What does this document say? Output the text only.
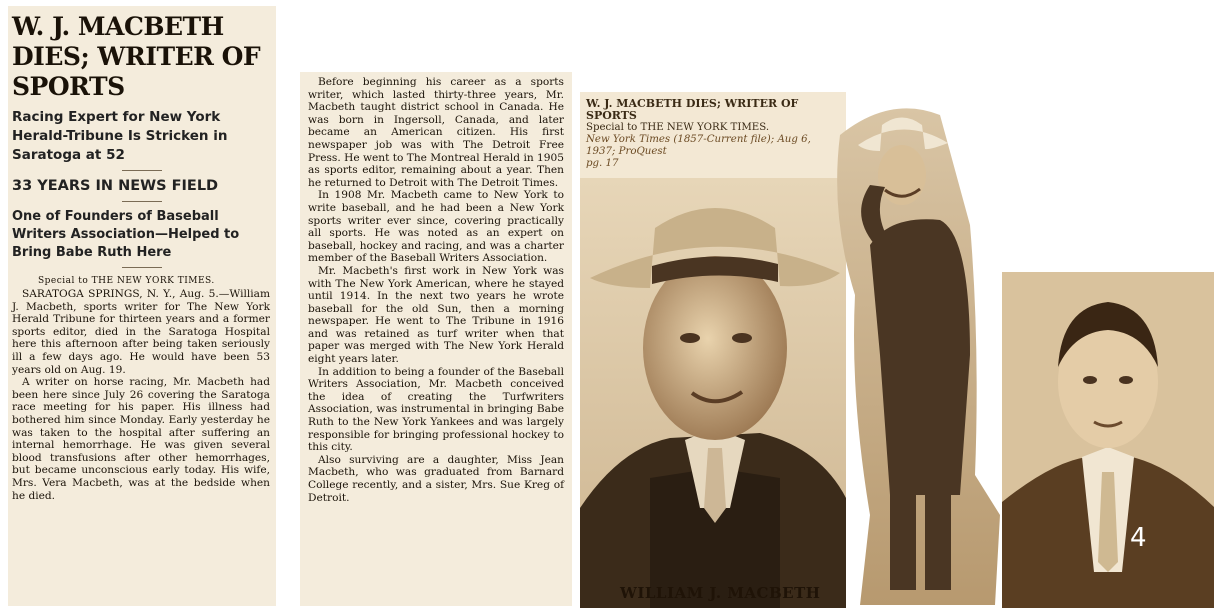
W. J. MACBETH DIES; WRITER OF SPORTS
Racing Expert for New York Herald-Tribune Is Stricken in Saratoga at 52
33 YEARS IN NEWS FIELD
One of Founders of Baseball Writers Association—Helped to Bring Babe Ruth Here
Special to THE NEW YORK TIMES.

SARATOGA SPRINGS, N. Y., Aug. 5.—William J. Macbeth, sports writer for The New York Herald Tribune for thirteen years and a former sports editor, died in the Saratoga Hospital here this afternoon after being taken seriously ill a few days ago. He would have been 53 years old on Aug. 19.

A writer on horse racing, Mr. Macbeth had been here since July 26 covering the Saratoga race meeting for his paper. His illness had bothered him since Monday. Early yesterday he was taken to the hospital after suffering an internal hemorrhage. He was given several blood transfusions after other hemorrhages, but became unconscious early today. His wife, Mrs. Vera Macbeth, was at the bedside when he died.

Before beginning his career as a sports writer, which lasted thirty-three years, Mr. Macbeth taught district school in Canada. He was born in Ingersoll, Canada, and later became an American citizen. His first newspaper job was with The Detroit Free Press. He went to The Montreal Herald in 1905 as sports editor, remaining about a year. Then he returned to Detroit with The Detroit Times.

In 1908 Mr. Macbeth came to New York to write baseball, and he had been a New York sports writer ever since, covering practically all sports. He was noted as an expert on baseball, hockey and racing, and was a charter member of the Baseball Writers Association.

Mr. Macbeth's first work in New York was with The New York American, where he stayed until 1914. In the next two years he wrote baseball for the old Sun, then a morning newspaper. He went to The Tribune in 1916 and was retained as turf writer when that paper was merged with The New York Herald eight years later.

In addition to being a founder of the Baseball Writers Association, Mr. Macbeth conceived the idea of creating the Turfwriters Association, was instrumental in bringing Babe Ruth to the New York Yankees and was largely responsible for bringing professional hockey to this city.

Also surviving are a daughter, Miss Jean Macbeth, who was graduated from Barnard College recently, and a sister, Mrs. Sue Kreg of Detroit.

W. J. MACBETH DIES; WRITER OF SPORTS
Special to THE NEW YORK TIMES.
New York Times (1857-Current file); Aug 6, 1937; ProQuest
pg. 17
WILLIAM J. MACBETH
4
